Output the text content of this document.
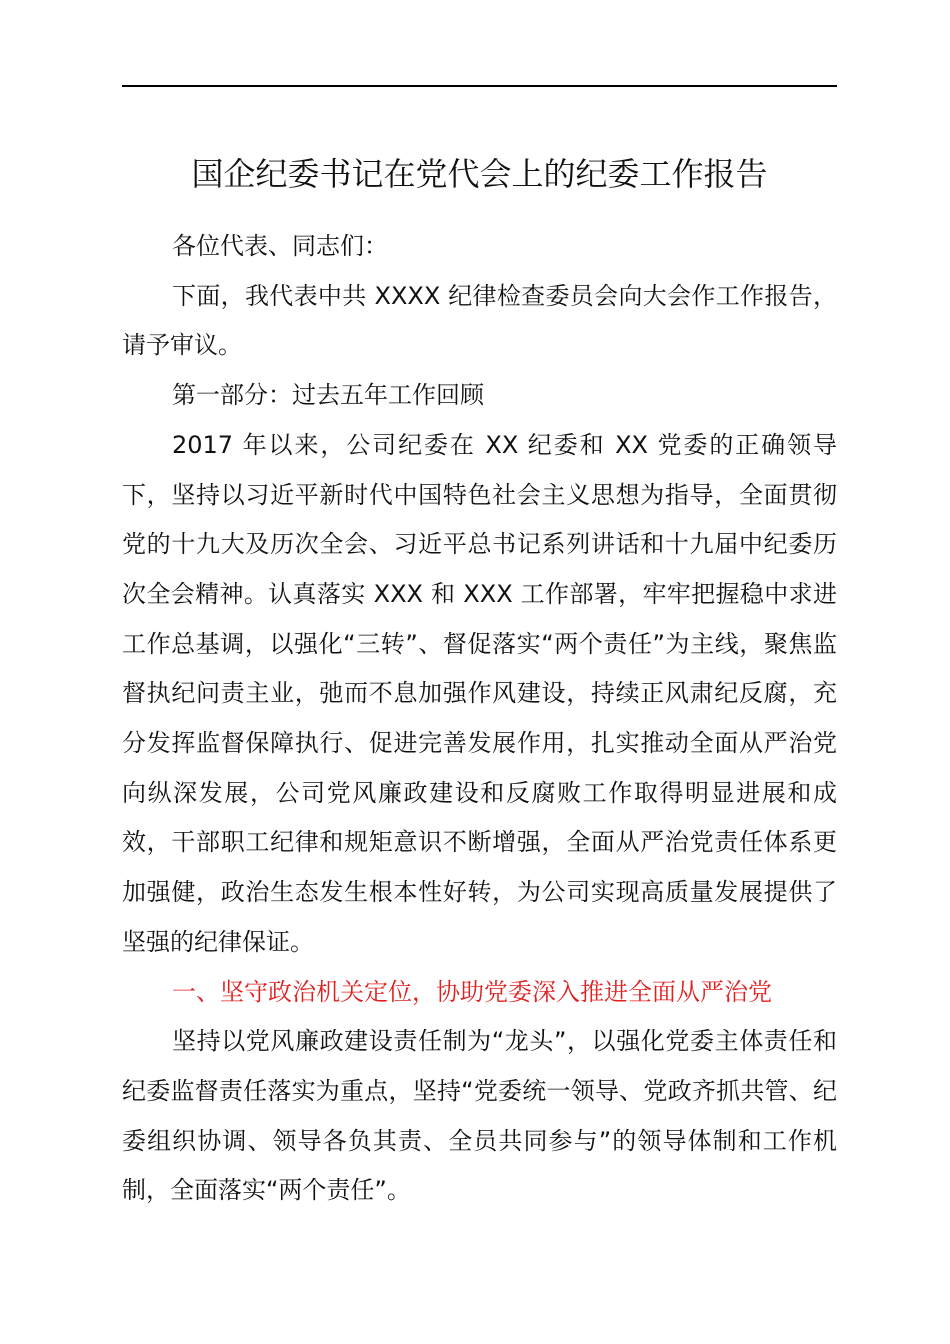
国企纪委书记在党代会上的纪委工作报告

各位代表、同志们：

下面，我代表中共 XXXX 纪律检查委员会向大会作工作报告，请予审议。

第一部分：过去五年工作回顾

2017 年以来，公司纪委在 XX 纪委和 XX 党委的正确领导下，坚持以习近平新时代中国特色社会主义思想为指导，全面贯彻党的十九大及历次全会、习近平总书记系列讲话和十九届中纪委历次全会精神。认真落实 XXX 和 XXX 工作部署，牢牢把握稳中求进工作总基调，以强化“三转”、督促落实“两个责任”为主线，聚焦监督执纪问责主业，弛而不息加强作风建设，持续正风肃纪反腐，充分发挥监督保障执行、促进完善发展作用，扎实推动全面从严治党向纵深发展，公司党风廉政建设和反腐败工作取得明显进展和成效，干部职工纪律和规矩意识不断增强，全面从严治党责任体系更加强健，政治生态发生根本性好转，为公司实现高质量发展提供了坚强的纪律保证。

一、坚守政治机关定位，协助党委深入推进全面从严治党

坚持以党风廉政建设责任制为“龙头”，以强化党委主体责任和纪委监督责任落实为重点，坚持“党委统一领导、党政齐抓共管、纪委组织协调、领导各负其责、全员共同参与”的领导体制和工作机制，全面落实“两个责任”。
